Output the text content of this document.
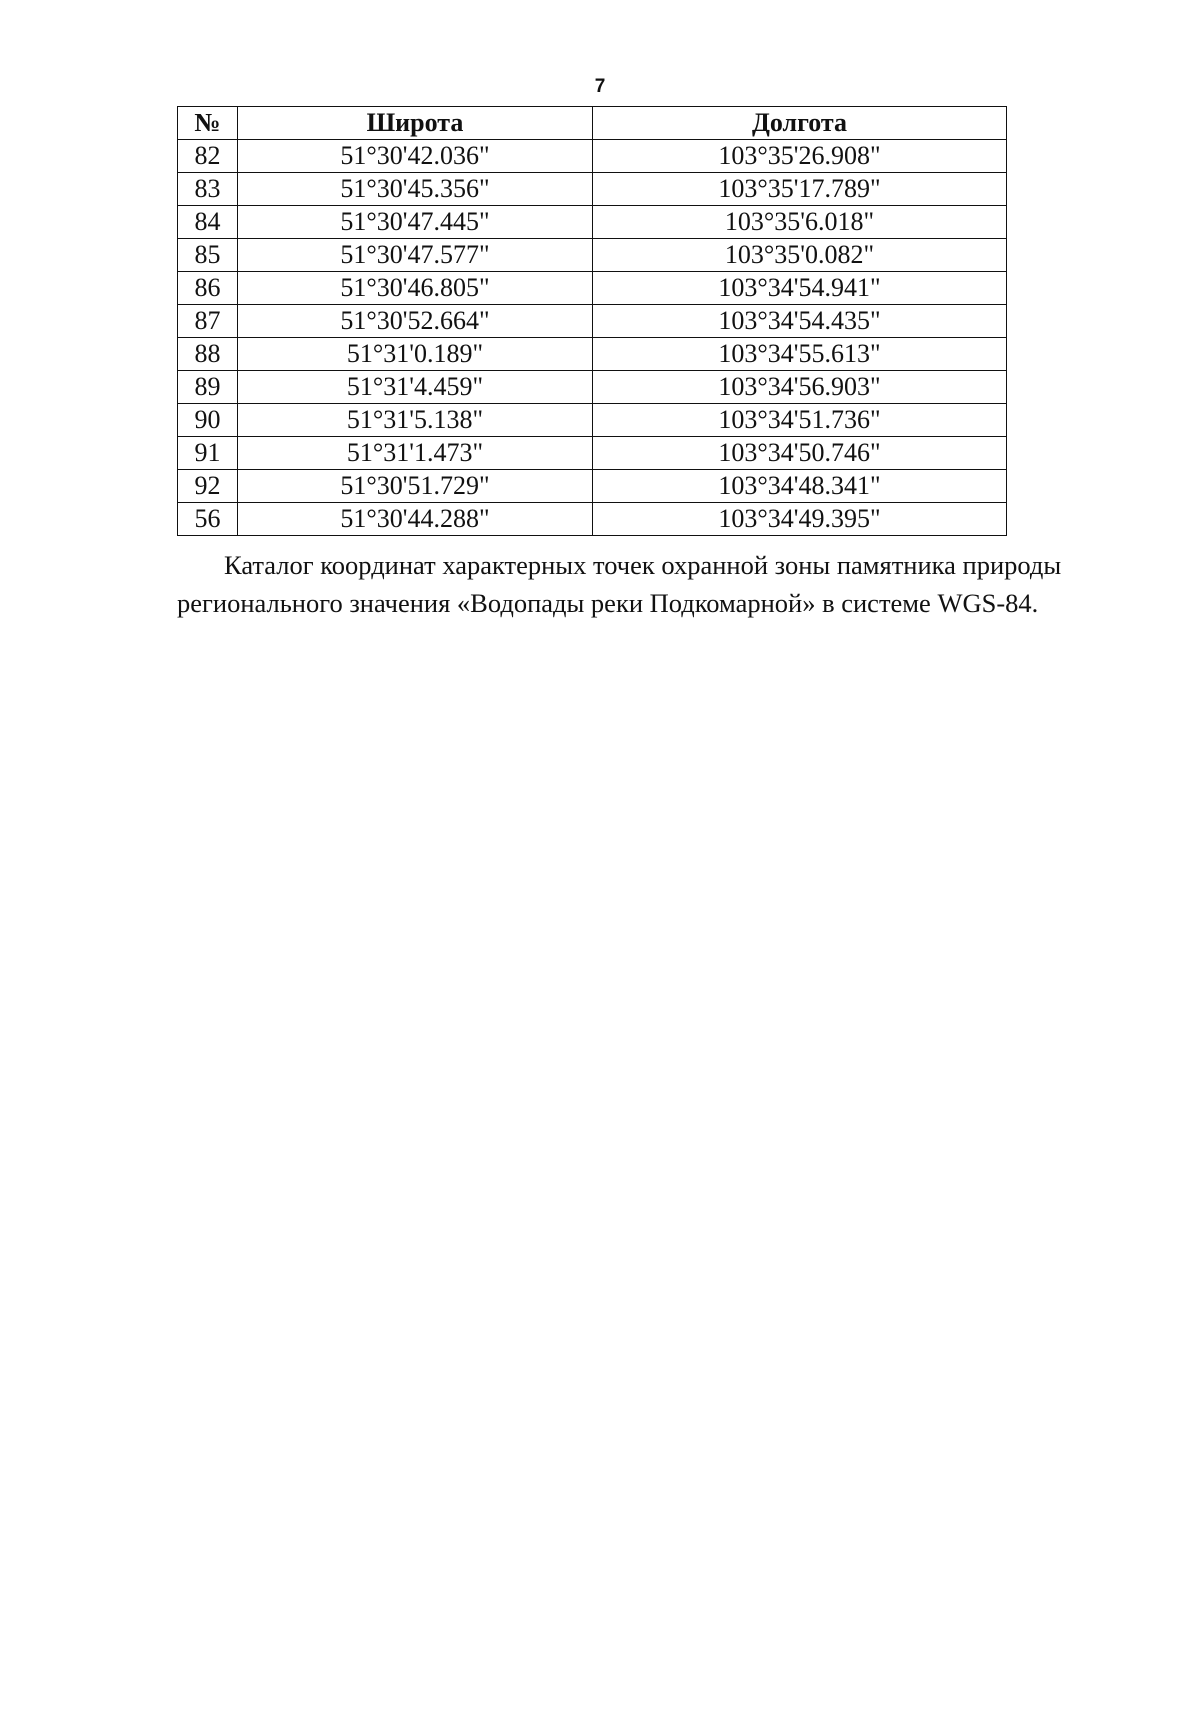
7
№	Широта	Долгота
82	51°30'42.036"	103°35'26.908"
83	51°30'45.356"	103°35'17.789"
84	51°30'47.445"	103°35'6.018"
85	51°30'47.577"	103°35'0.082"
86	51°30'46.805"	103°34'54.941"
87	51°30'52.664"	103°34'54.435"
88	51°31'0.189"	103°34'55.613"
89	51°31'4.459"	103°34'56.903"
90	51°31'5.138"	103°34'51.736"
91	51°31'1.473"	103°34'50.746"
92	51°30'51.729"	103°34'48.341"
56	51°30'44.288"	103°34'49.395"
Каталог координат характерных точек охранной зоны памятника природы
регионального значения «Водопады реки Подкомарной» в системе WGS-84.
